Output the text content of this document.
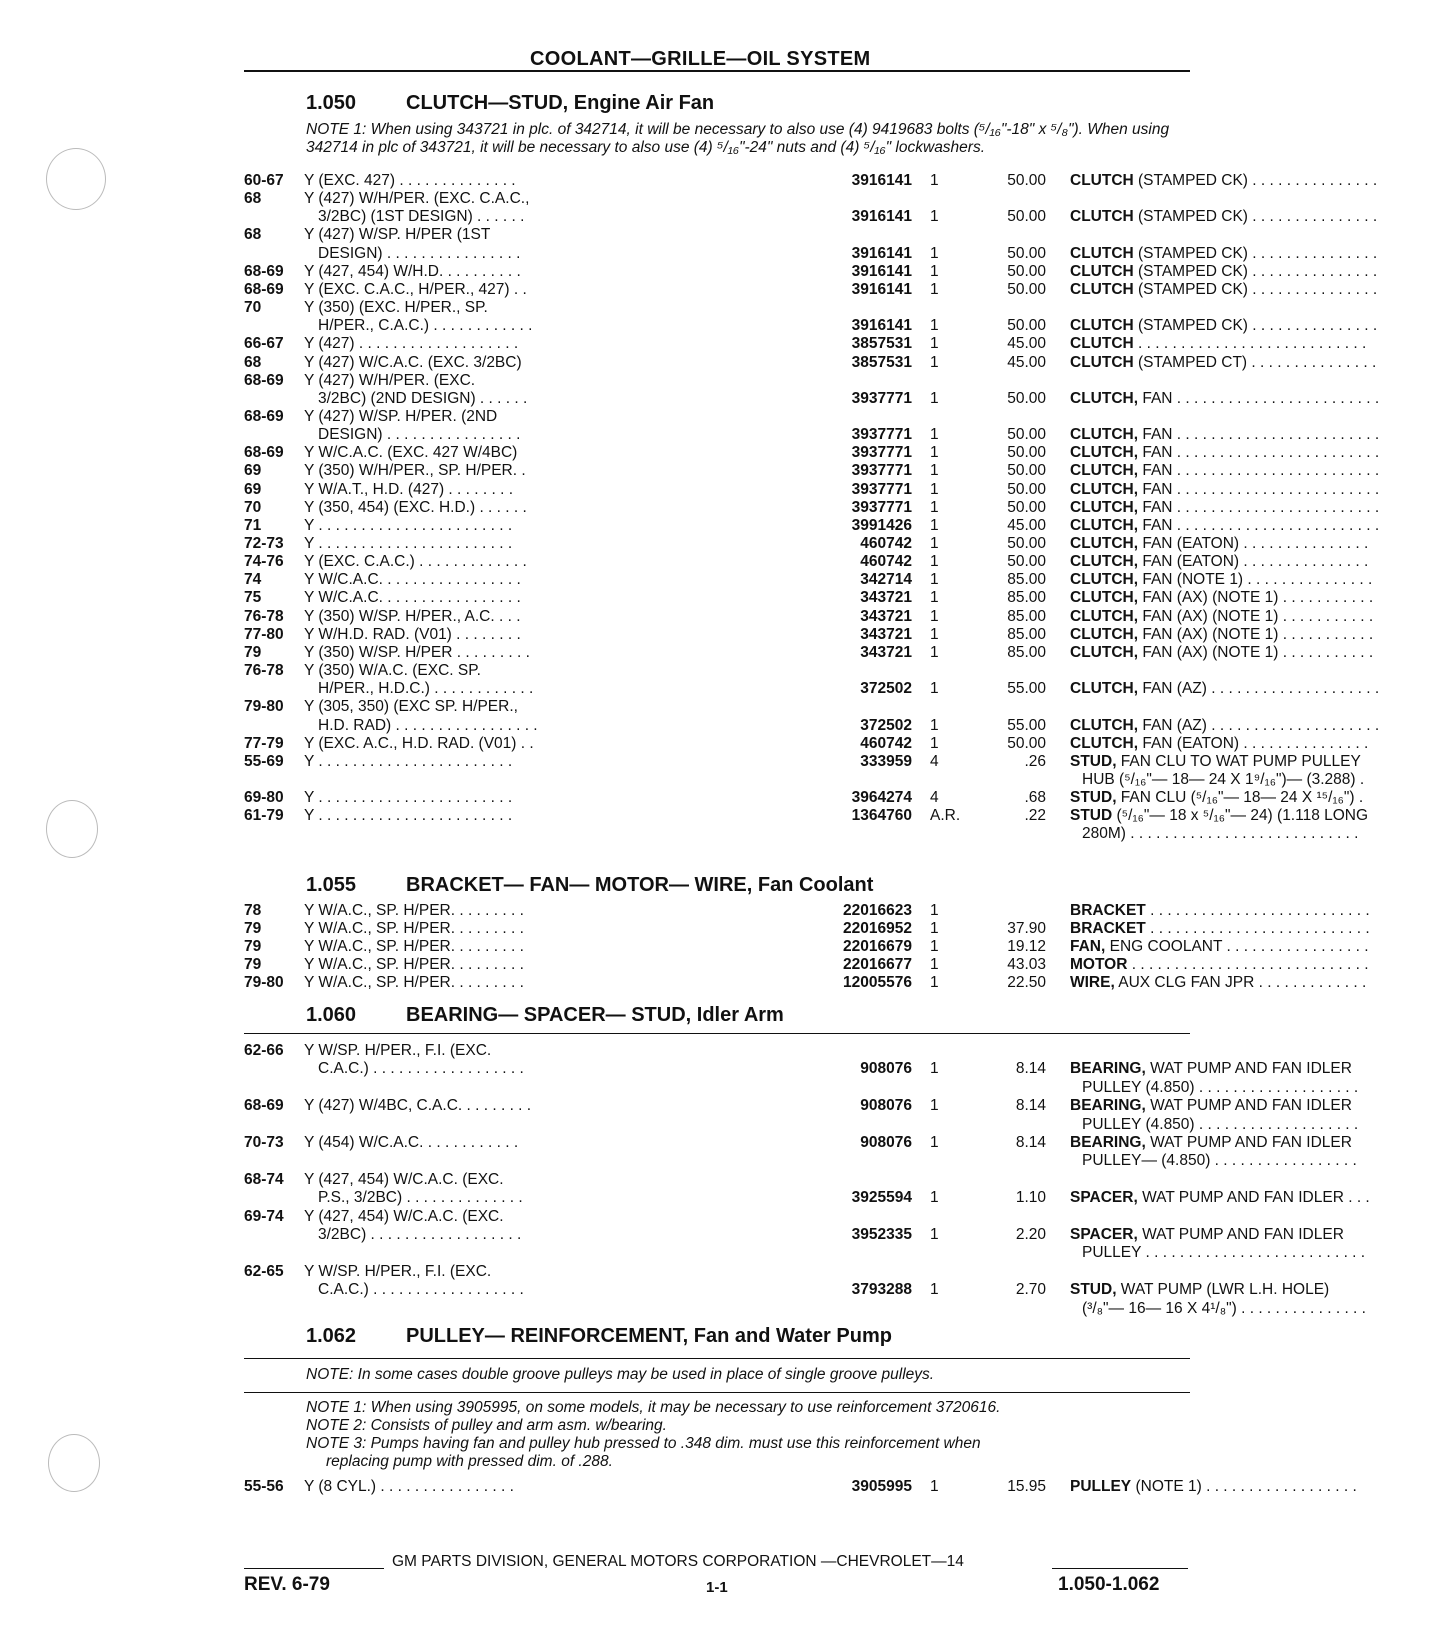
COOLANT—GRILLE—OIL SYSTEM
1.050 CLUTCH—STUD, Engine Air Fan
NOTE 1: When using 343721 in plc. of 342714, it will be necessary to also use (4) 9419683 bolts (⁵/₁₆"-18" x ⁵/₈"). When using 342714 in plc of 343721, it will be necessary to also use (4) ⁵/₁₆"-24" nuts and (4) ⁵/₁₆" lockwashers.
60-67 Y (EXC. 427) . . . . . . . . . . . . . .	3916141 1	50.00 CLUTCH (STAMPED CK) . . . . . . . . . . . . . . .
68	Y (427) W/H/PER. (EXC. C.A.C.,
3/2BC) (1ST DESIGN) . . . . . .	3916141 1	50.00 CLUTCH (STAMPED CK) . . . . . . . . . . . . . . .
68	Y (427) W/SP. H/PER (1ST
DESIGN) . . . . . . . . . . . . . . . .	3916141 1	50.00 CLUTCH (STAMPED CK) . . . . . . . . . . . . . . .
68-69 Y (427, 454) W/H.D. . . . . . . . . .	3916141 1	50.00 CLUTCH (STAMPED CK) . . . . . . . . . . . . . . .
68-69 Y (EXC. C.A.C., H/PER., 427) . .	3916141 1	50.00 CLUTCH (STAMPED CK) . . . . . . . . . . . . . . .
70	Y (350) (EXC. H/PER., SP.
H/PER., C.A.C.) . . . . . . . . . . . .	3916141 1	50.00 CLUTCH (STAMPED CK) . . . . . . . . . . . . . . .
66-67 Y (427) . . . . . . . . . . . . . . . . . . .	3857531 1	45.00 CLUTCH . . . . . . . . . . . . . . . . . . . . . . . . . . .
68	Y (427) W/C.A.C. (EXC. 3/2BC)	3857531 1	45.00 CLUTCH (STAMPED CT) . . . . . . . . . . . . . . .
68-69 Y (427) W/H/PER. (EXC.
3/2BC) (2ND DESIGN) . . . . . .	3937771 1	50.00 CLUTCH, FAN . . . . . . . . . . . . . . . . . . . . . . . .
68-69 Y (427) W/SP. H/PER. (2ND
DESIGN) . . . . . . . . . . . . . . . .	3937771 1	50.00 CLUTCH, FAN . . . . . . . . . . . . . . . . . . . . . . . .
68-69 Y W/C.A.C. (EXC. 427 W/4BC)	3937771 1	50.00 CLUTCH, FAN . . . . . . . . . . . . . . . . . . . . . . . .
69	Y (350) W/H/PER., SP. H/PER. .	3937771 1	50.00 CLUTCH, FAN . . . . . . . . . . . . . . . . . . . . . . . .
69	Y W/A.T., H.D. (427) . . . . . . . .	3937771 1	50.00 CLUTCH, FAN . . . . . . . . . . . . . . . . . . . . . . . .
70	Y (350, 454) (EXC. H.D.) . . . . . .	3937771 1	50.00 CLUTCH, FAN . . . . . . . . . . . . . . . . . . . . . . . .
71	Y . . . . . . . . . . . . . . . . . . . . . . .	3991426 1	45.00 CLUTCH, FAN . . . . . . . . . . . . . . . . . . . . . . . .
72-73 Y . . . . . . . . . . . . . . . . . . . . . . .	460742 1	50.00 CLUTCH, FAN (EATON) . . . . . . . . . . . . . . .
74-76 Y (EXC. C.A.C.) . . . . . . . . . . . . .	460742 1	50.00 CLUTCH, FAN (EATON) . . . . . . . . . . . . . . .
74	Y W/C.A.C. . . . . . . . . . . . . . . . .	342714 1	85.00 CLUTCH, FAN (NOTE 1) . . . . . . . . . . . . . . .
75	Y W/C.A.C. . . . . . . . . . . . . . . . .	343721 1	85.00 CLUTCH, FAN (AX) (NOTE 1) . . . . . . . . . . .
76-78 Y (350) W/SP. H/PER., A.C. . . .	343721 1	85.00 CLUTCH, FAN (AX) (NOTE 1) . . . . . . . . . . .
77-80 Y W/H.D. RAD. (V01) . . . . . . . .	343721 1	85.00 CLUTCH, FAN (AX) (NOTE 1) . . . . . . . . . . .
79	Y (350) W/SP. H/PER . . . . . . . . .	343721 1	85.00 CLUTCH, FAN (AX) (NOTE 1) . . . . . . . . . . .
76-78 Y (350) W/A.C. (EXC. SP.
H/PER., H.D.C.) . . . . . . . . . . . .	372502 1	55.00 CLUTCH, FAN (AZ) . . . . . . . . . . . . . . . . . . . .
79-80 Y (305, 350) (EXC SP. H/PER.,
H.D. RAD) . . . . . . . . . . . . . . . . .	372502 1	55.00 CLUTCH, FAN (AZ) . . . . . . . . . . . . . . . . . . . .
77-79 Y (EXC. A.C., H.D. RAD. (V01) . .	460742 1	50.00 CLUTCH, FAN (EATON) . . . . . . . . . . . . . . .
55-69 Y . . . . . . . . . . . . . . . . . . . . . . .	333959 4	.26 STUD, FAN CLU TO WAT PUMP PULLEY
HUB (⁵/₁₆"— 18— 24 X 1⁹/₁₆")— (3.288) .
69-80 Y . . . . . . . . . . . . . . . . . . . . . . .	3964274 4	.68 STUD, FAN CLU (⁵/₁₆"— 18— 24 X ¹⁵/₁₆") .
61-79 Y . . . . . . . . . . . . . . . . . . . . . . .	1364760 A.R.	.22 STUD (⁵/₁₆"— 18 x ⁵/₁₆"— 24) (1.118 LONG
280M) . . . . . . . . . . . . . . . . . . . . . . . . . . .
1.055 BRACKET— FAN— MOTOR— WIRE, Fan Coolant
78	Y W/A.C., SP. H/PER. . . . . . . . .	22016623 1	BRACKET . . . . . . . . . . . . . . . . . . . . . . . . . .
79	Y W/A.C., SP. H/PER. . . . . . . . .	22016952 1	37.90 BRACKET . . . . . . . . . . . . . . . . . . . . . . . . . .
79	Y W/A.C., SP. H/PER. . . . . . . . .	22016679 1	19.12 FAN, ENG COOLANT . . . . . . . . . . . . . . . . .
79	Y W/A.C., SP. H/PER. . . . . . . . .	22016677 1	43.03 MOTOR . . . . . . . . . . . . . . . . . . . . . . . . . . . .
79-80 Y W/A.C., SP. H/PER. . . . . . . . .	12005576 1	22.50 WIRE, AUX CLG FAN JPR . . . . . . . . . . . . .
1.060 BEARING— SPACER— STUD, Idler Arm
62-66 Y W/SP. H/PER., F.I. (EXC.
C.A.C.) . . . . . . . . . . . . . . . . . .	908076 1	8.14 BEARING, WAT PUMP AND FAN IDLER
PULLEY (4.850) . . . . . . . . . . . . . . . . . . .
68-69 Y (427) W/4BC, C.A.C. . . . . . . . .	908076 1	8.14 BEARING, WAT PUMP AND FAN IDLER
PULLEY (4.850) . . . . . . . . . . . . . . . . . . .
70-73 Y (454) W/C.A.C. . . . . . . . . . . .	908076 1	8.14 BEARING, WAT PUMP AND FAN IDLER
PULLEY— (4.850) . . . . . . . . . . . . . . . . .
68-74 Y (427, 454) W/C.A.C. (EXC.
P.S., 3/2BC) . . . . . . . . . . . . . .	3925594 1	1.10 SPACER, WAT PUMP AND FAN IDLER . . .
69-74 Y (427, 454) W/C.A.C. (EXC.
3/2BC) . . . . . . . . . . . . . . . . . .	3952335 1	2.20 SPACER, WAT PUMP AND FAN IDLER
PULLEY . . . . . . . . . . . . . . . . . . . . . . . . . .
62-65 Y W/SP. H/PER., F.I. (EXC.
C.A.C.) . . . . . . . . . . . . . . . . . .	3793288 1	2.70 STUD, WAT PUMP (LWR L.H. HOLE)
(³/₈"— 16— 16 X 4¹/₈") . . . . . . . . . . . . . . .
1.062 PULLEY— REINFORCEMENT, Fan and Water Pump
NOTE: In some cases double groove pulleys may be used in place of single groove pulleys.
NOTE 1: When using 3905995, on some models, it may be necessary to use reinforcement 3720616.
NOTE 2: Consists of pulley and arm asm. w/bearing.
NOTE 3: Pumps having fan and pulley hub pressed to .348 dim. must use this reinforcement when
replacing pump with pressed dim. of .288.
55-56 Y (8 CYL.) . . . . . . . . . . . . . . . .	3905995 1	15.95 PULLEY (NOTE 1) . . . . . . . . . . . . . . . . . .
GM PARTS DIVISION, GENERAL MOTORS CORPORATION —CHEVROLET—14
REV. 6-79	1-1	1.050-1.062
